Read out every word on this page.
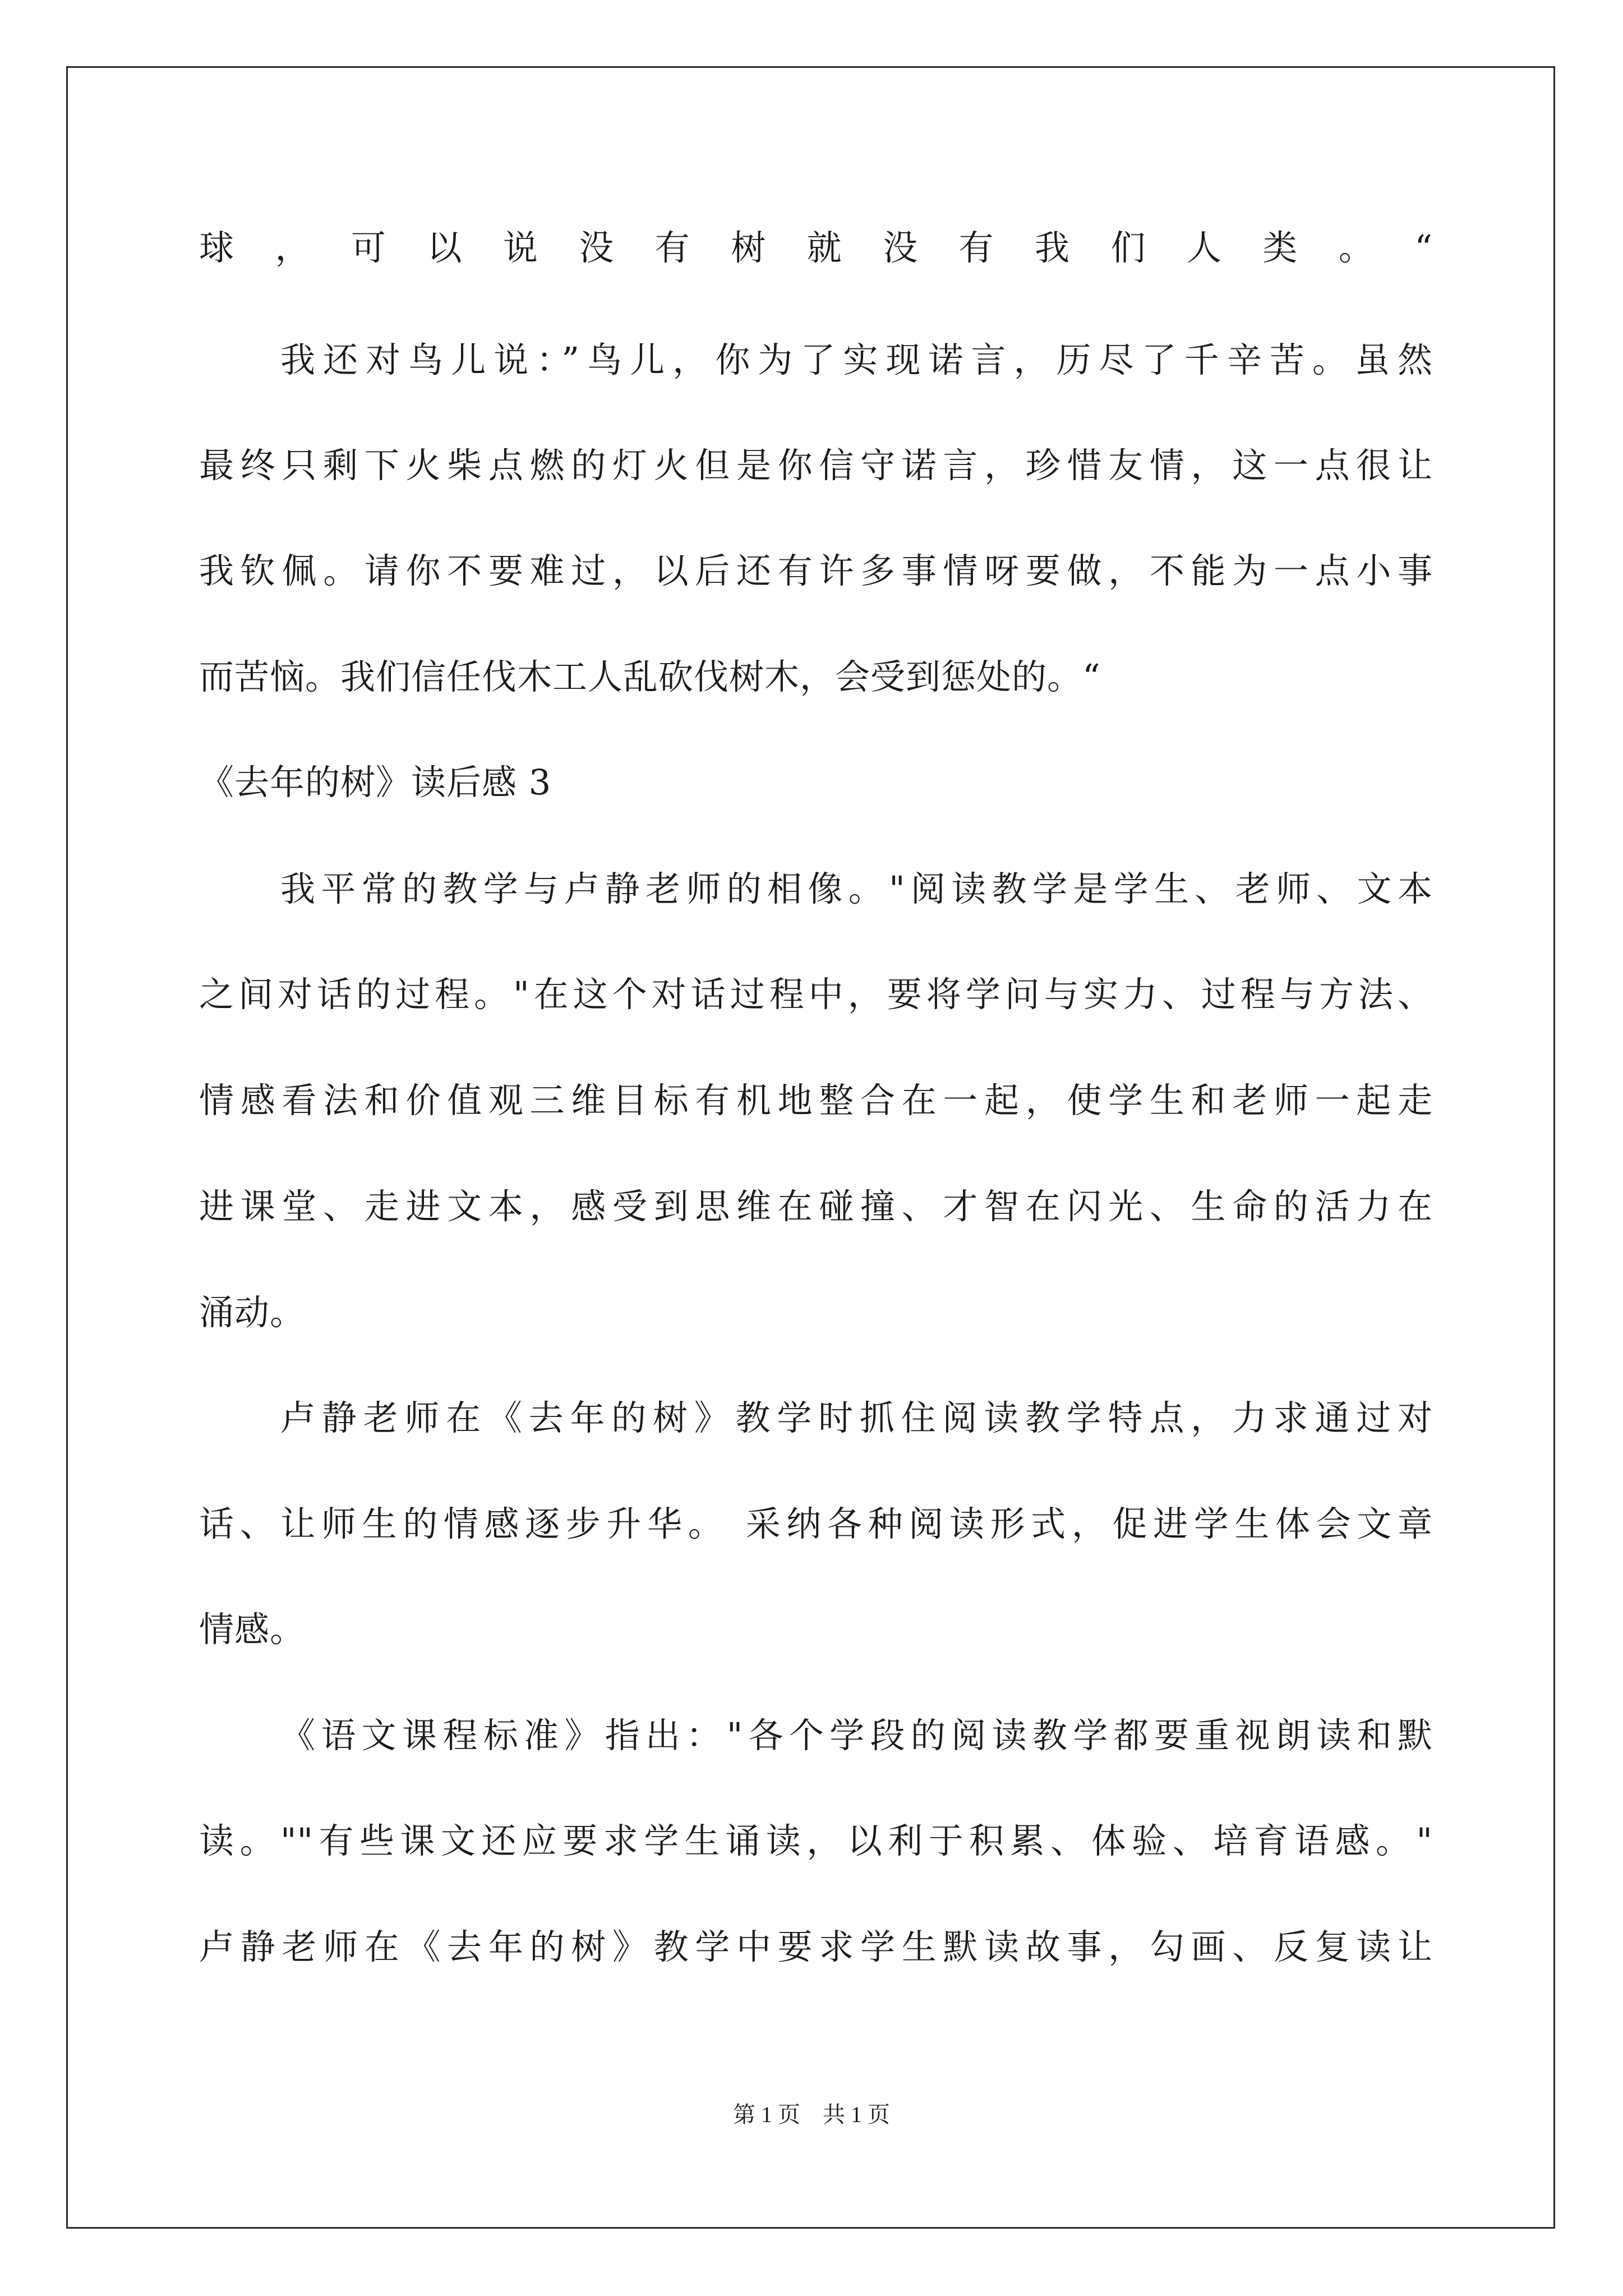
球，可以说没有树就没有我们人类。“
我还对鸟儿说：”鸟儿，你为了实现诺言，历尽了千辛苦。虽然
最终只剩下火柴点燃的灯火但是你信守诺言，珍惜友情，这一点很让
我钦佩。请你不要难过，以后还有许多事情呀要做，不能为一点小事
而苦恼。我们信任伐木工人乱砍伐树木，会受到惩处的。“
《去年的树》读后感 3
我平常的教学与卢静老师的相像。"阅读教学是学生、老师、文本
之间对话的过程。"在这个对话过程中，要将学问与实力、过程与方法、
情感看法和价值观三维目标有机地整合在一起，使学生和老师一起走
进课堂、走进文本，感受到思维在碰撞、才智在闪光、生命的活力在
涌动。
卢静老师在《去年的树》教学时抓住阅读教学特点，力求通过对
话、让师生的情感逐步升华。 采纳各种阅读形式，促进学生体会文章
情感。
《语文课程标准》指出："各个学段的阅读教学都要重视朗读和默
读。""有些课文还应要求学生诵读，以利于积累、体验、培育语感。"
卢静老师在《去年的树》教学中要求学生默读故事，勾画、反复读让
第 1 页　共 1 页
